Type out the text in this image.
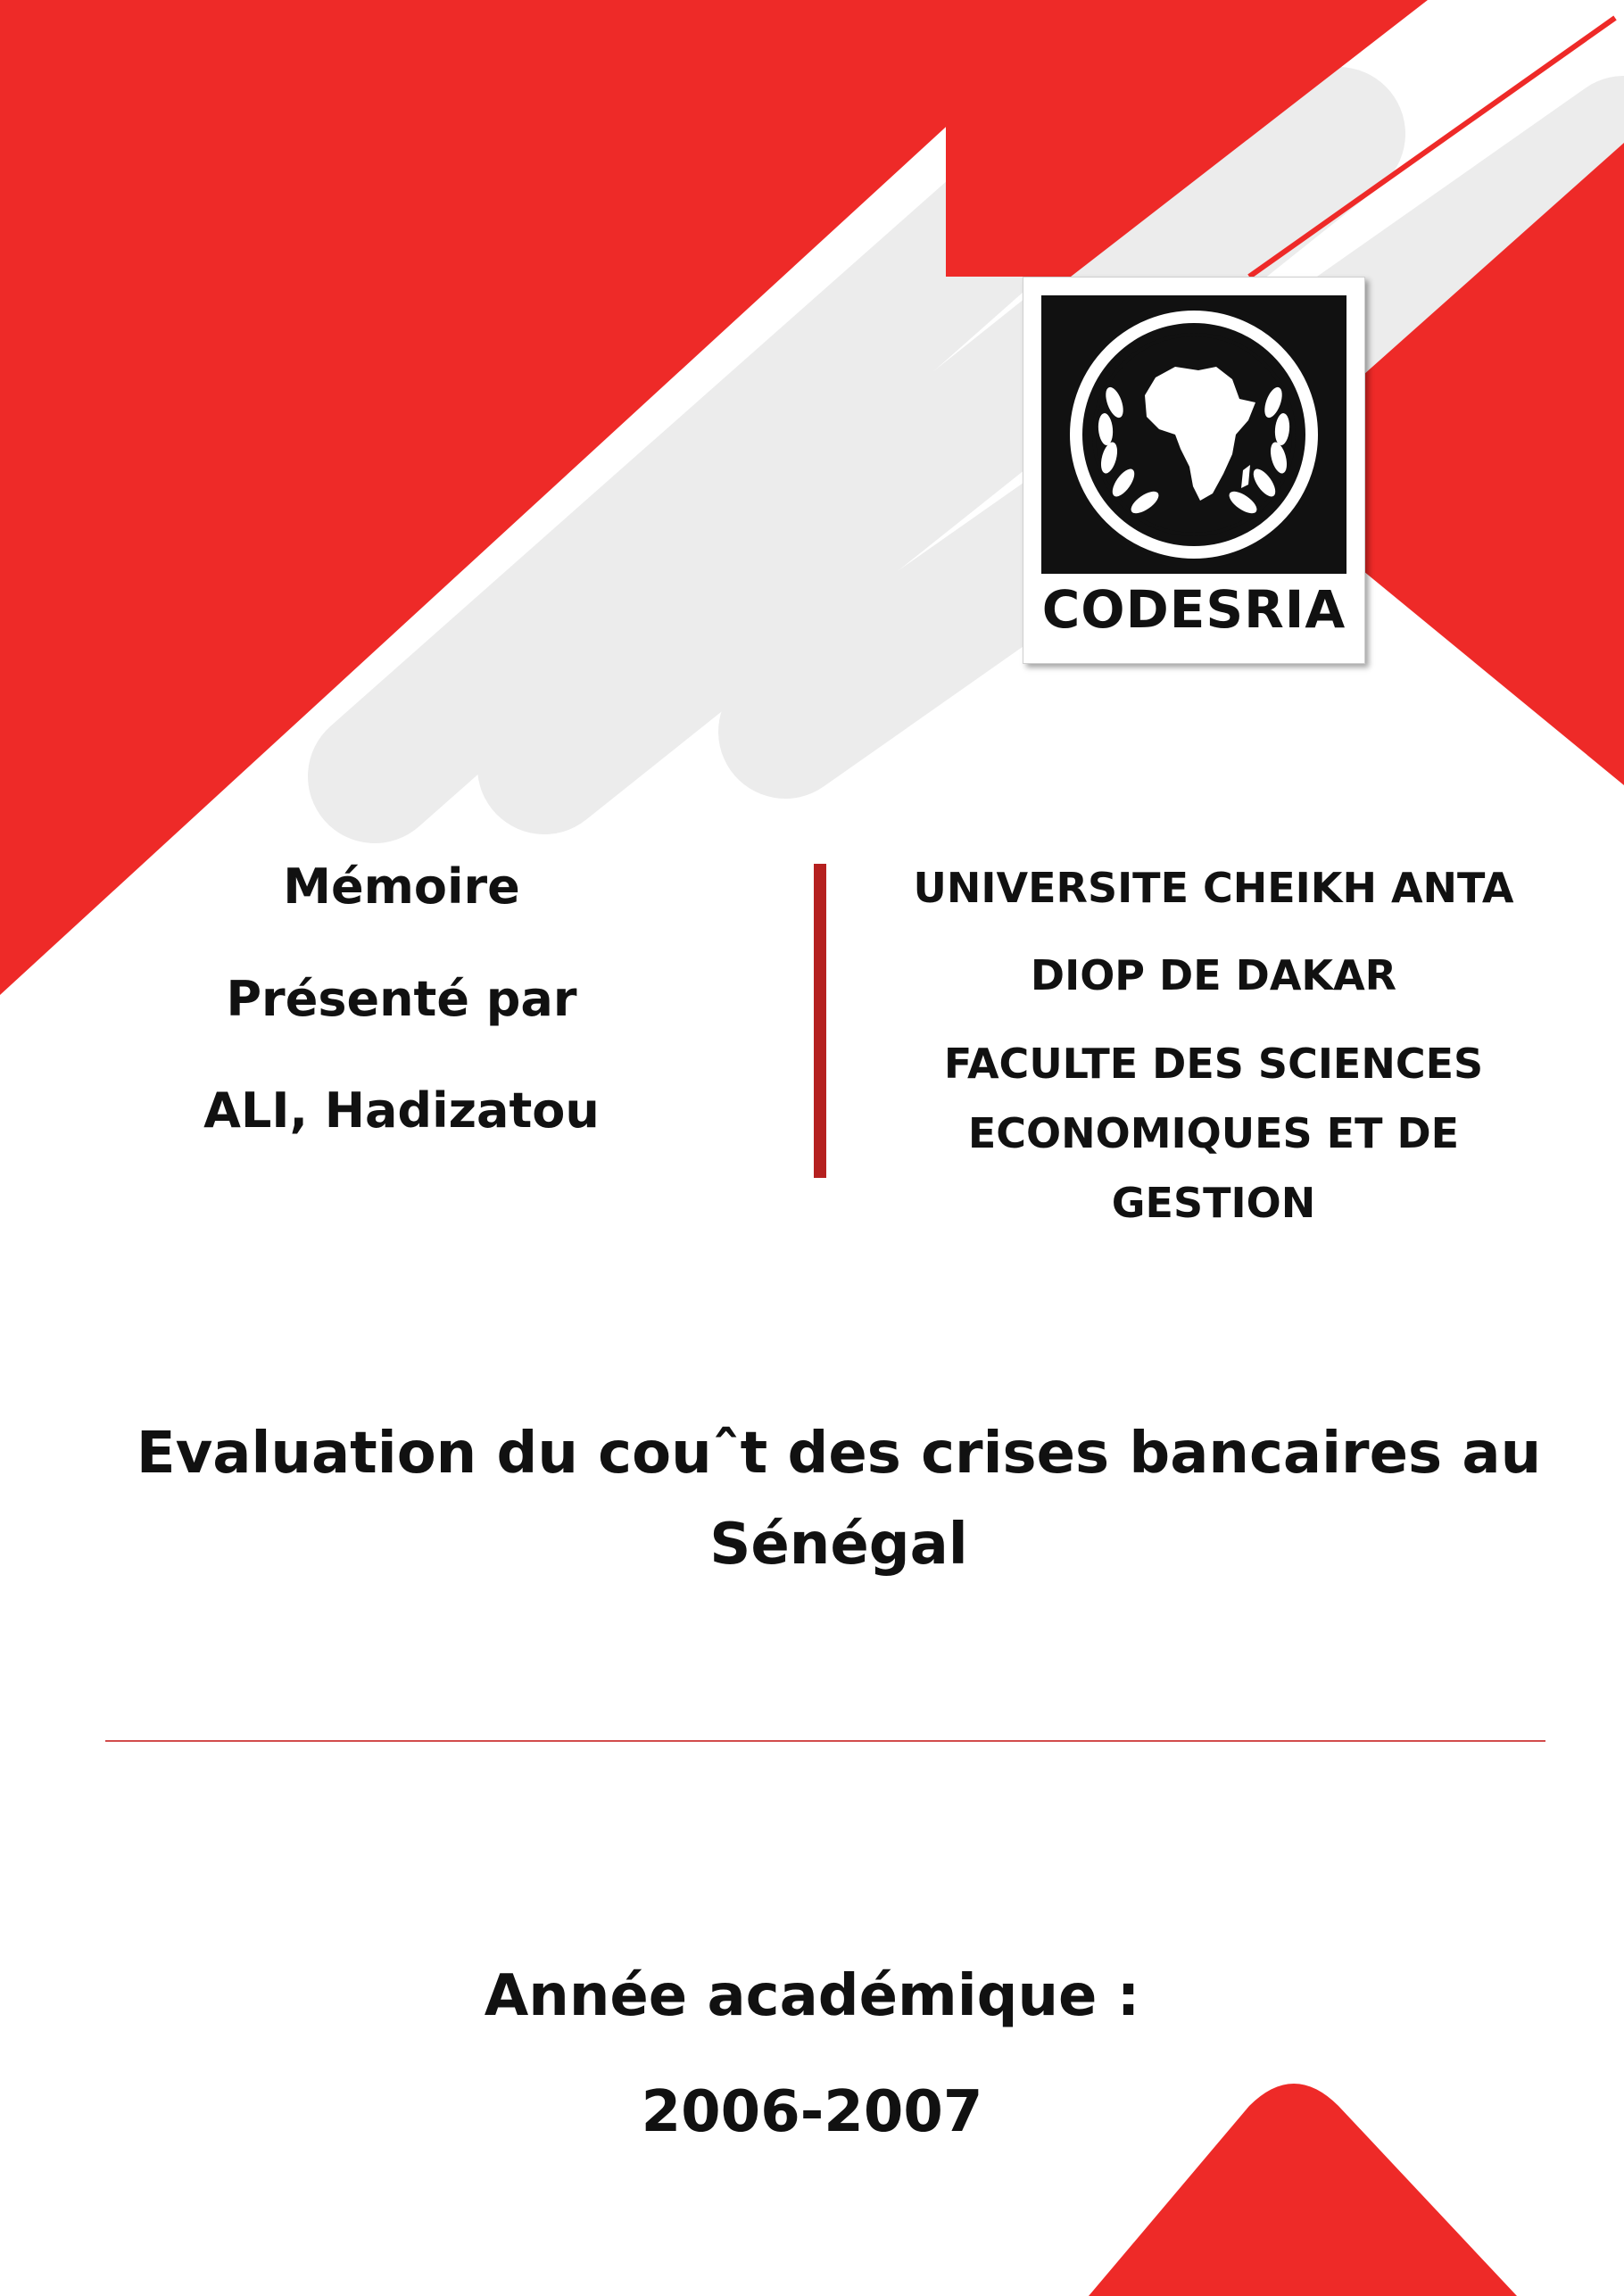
CODESRIA
Mémoire
Présenté par
ALI, Hadizatou
UNIVERSITE CHEIKH ANTA
DIOP DE DAKAR
FACULTE DES SCIENCES
ECONOMIQUES ET DE
GESTION
Evaluation du couˆt des crises bancaires au
Sénégal
Année académique :
2006-2007
